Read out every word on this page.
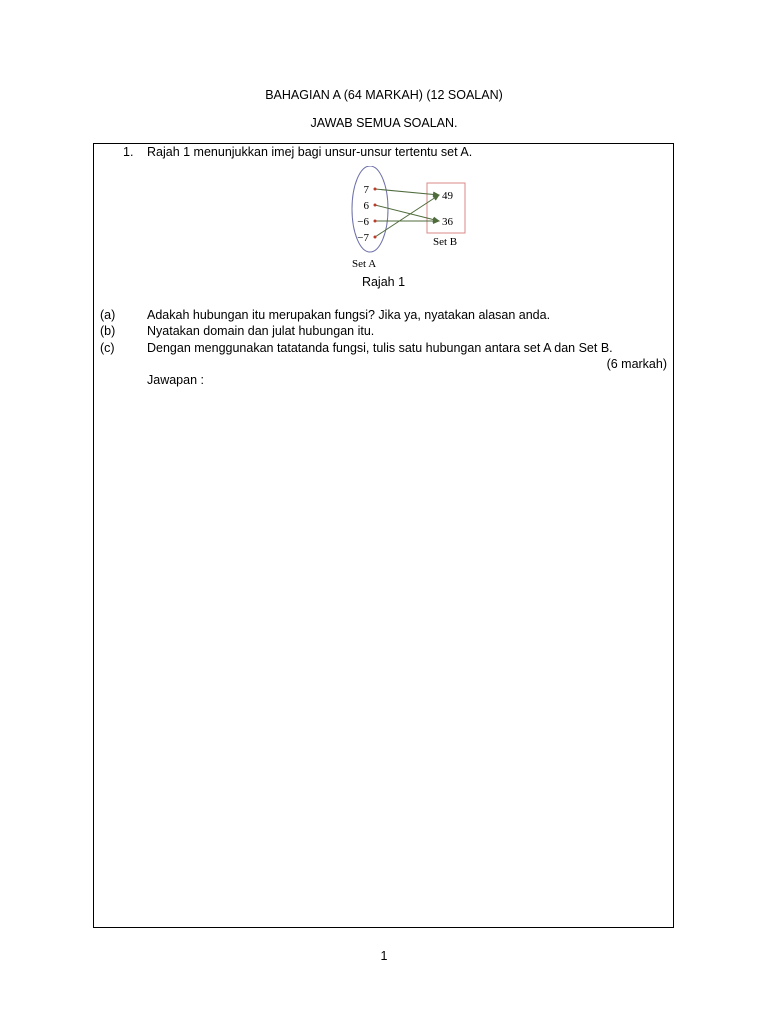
BAHAGIAN A (64 MARKAH) (12 SOALAN)
JAWAB SEMUA SOALAN.
1. Rajah 1 menunjukkan imej bagi unsur-unsur tertentu set A.
7
6
−6
−7
49
36
Set B
Set A
Rajah 1
(a)	Adakah hubungan itu merupakan fungsi? Jika ya, nyatakan alasan anda.
(b)	Nyatakan domain dan julat hubungan itu.
(c)	Dengan menggunakan tatatanda fungsi, tulis satu hubungan antara set A dan Set B.
(6 markah)
Jawapan :
1
